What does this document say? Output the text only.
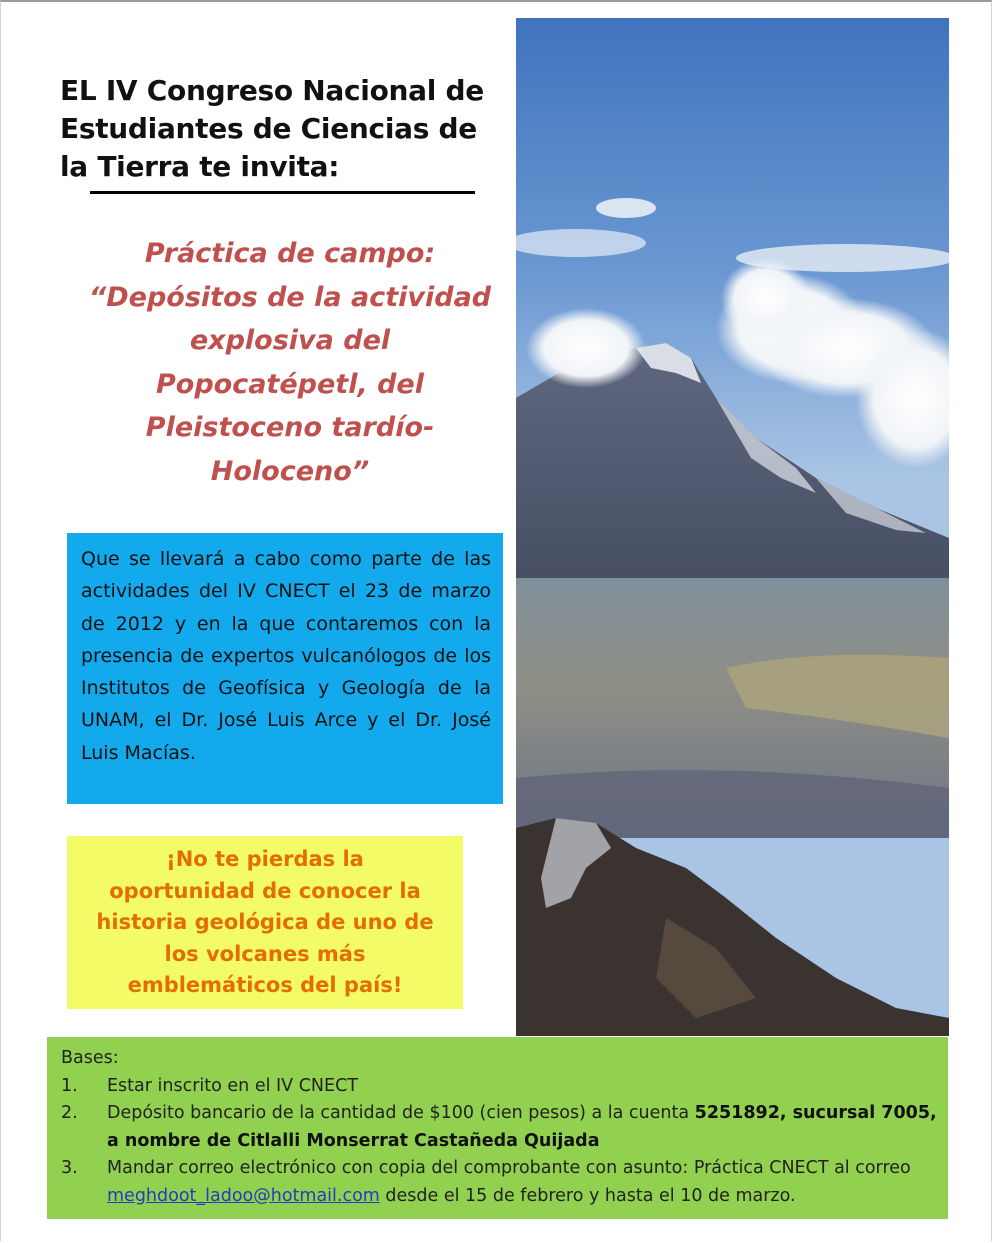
EL IV Congreso Nacional de
Estudiantes de Ciencias de
la Tierra te invita:
Práctica de campo:
“Depósitos de la actividad
explosiva del
Popocatépetl, del
Pleistoceno tardío-
Holoceno”
Que se llevará a cabo como parte de las actividades del IV CNECT el 23 de marzo de 2012 y en la que contaremos con la presencia de expertos vulcanólogos de los Institutos de Geofísica y Geología de la UNAM, el Dr. José Luis Arce y el Dr. José Luis Macías.
¡No te pierdas la
oportunidad de conocer la
historia geológica de uno de
los volcanes más
emblemáticos del país!
Bases:
1. Estar inscrito en el IV CNECT
2. Depósito bancario de la cantidad de $100 (cien pesos) a la cuenta 5251892, sucursal 7005, a nombre de Citlalli Monserrat Castañeda Quijada
3. Mandar correo electrónico con copia del comprobante con asunto: Práctica CNECT al correo meghdoot_ladoo@hotmail.com desde el 15 de febrero y hasta el 10 de marzo.
